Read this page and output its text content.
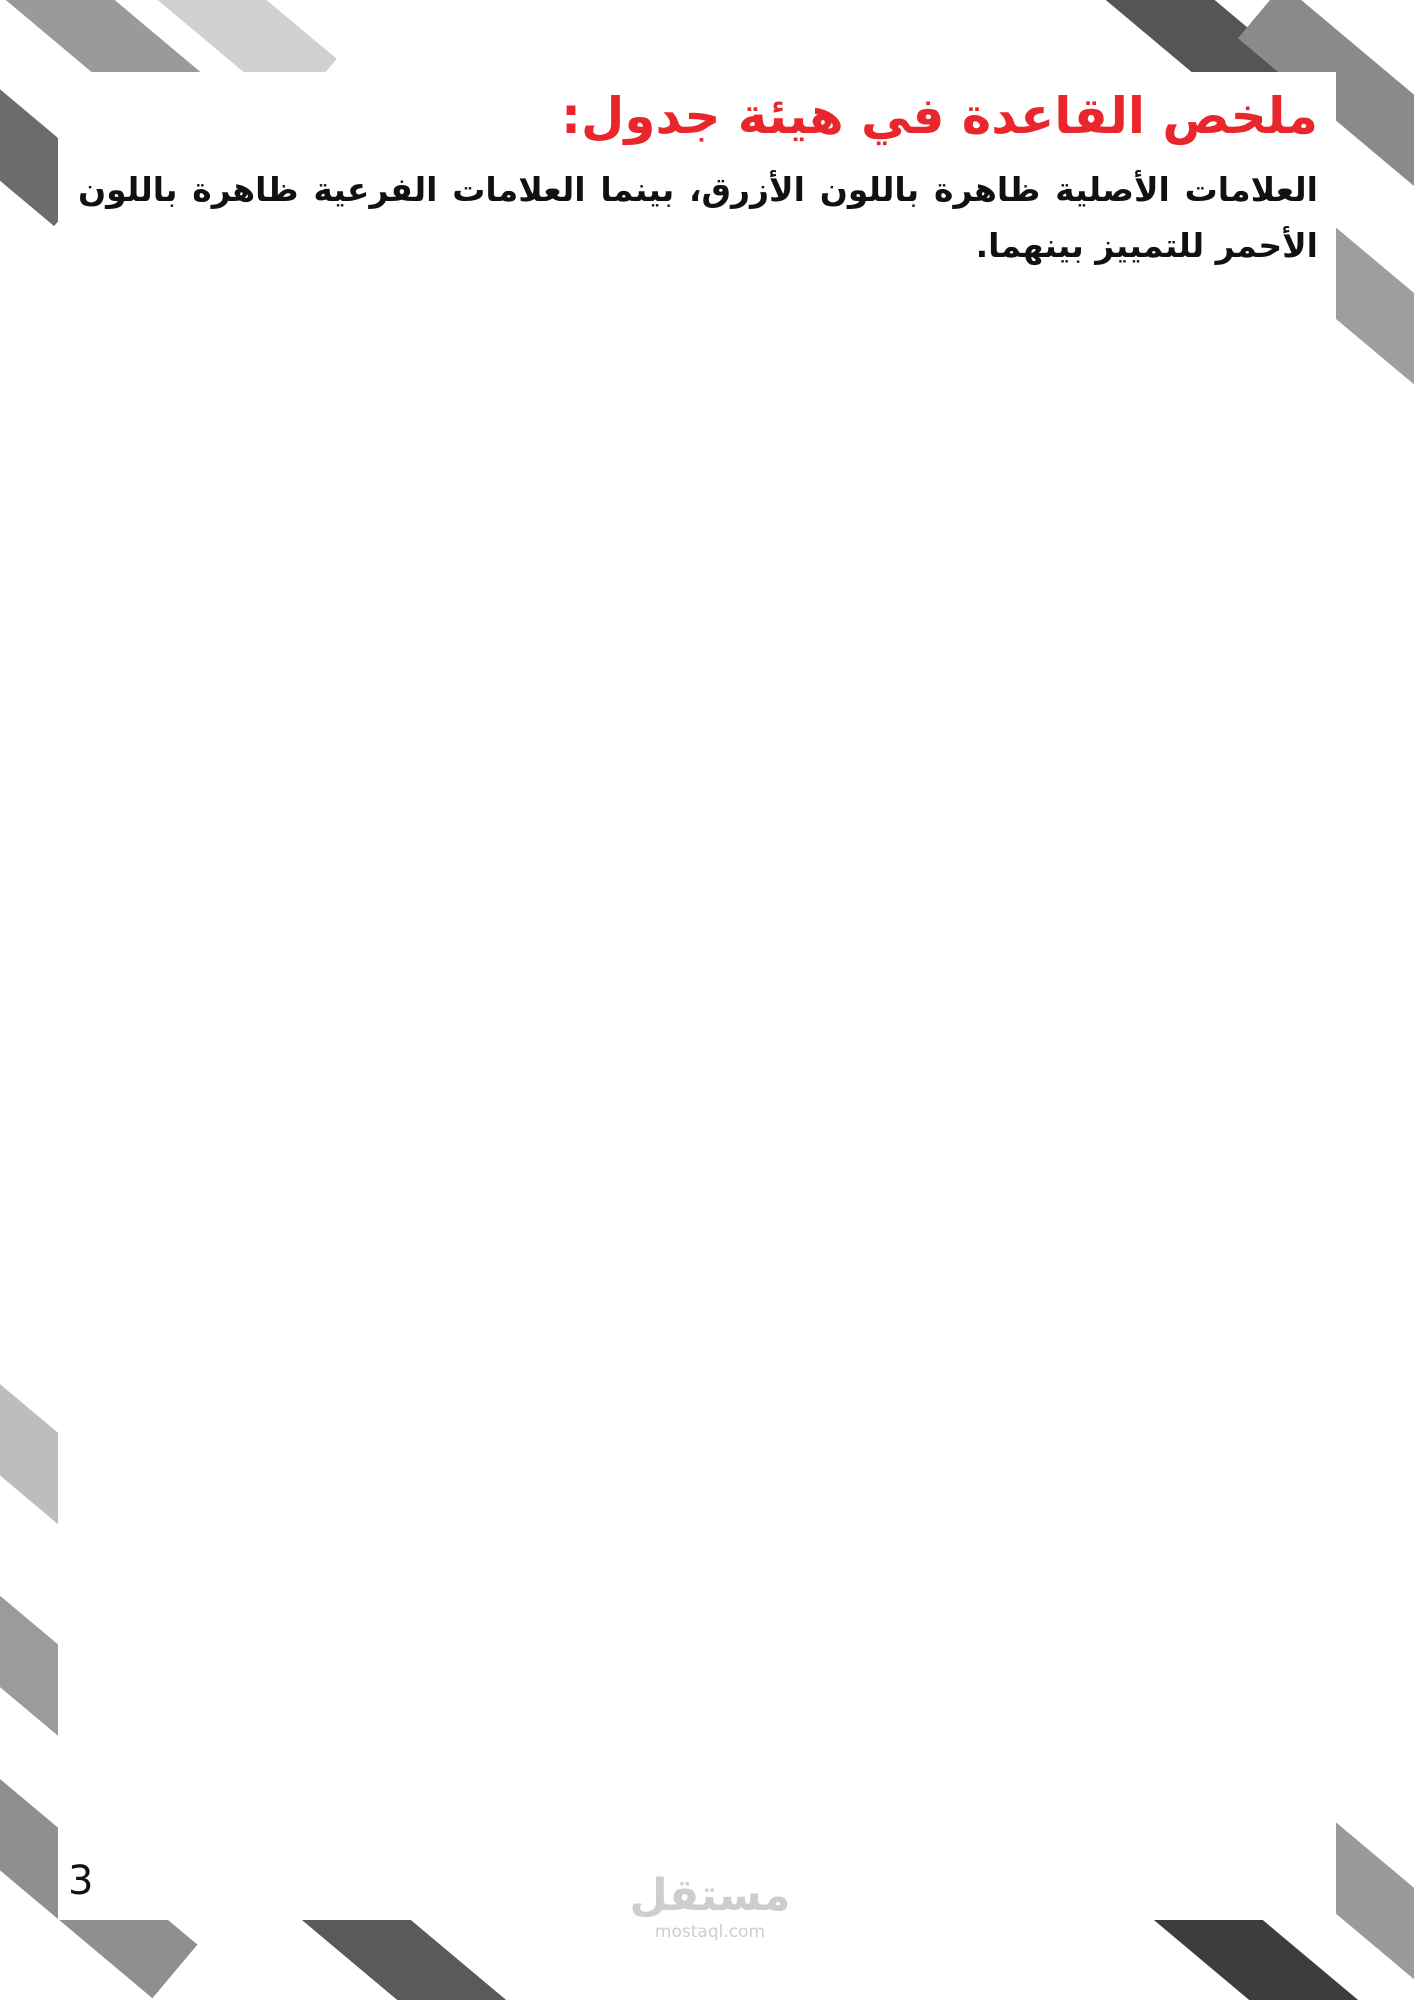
ملخص القاعدة في هيئة جدول:
العلامات الأصلية ظاهرة باللون الأزرق، بينما العلامات الفرعية ظاهرة باللون الأحمر للتمييز بينهما.

3	مستقل
mostaql.com
